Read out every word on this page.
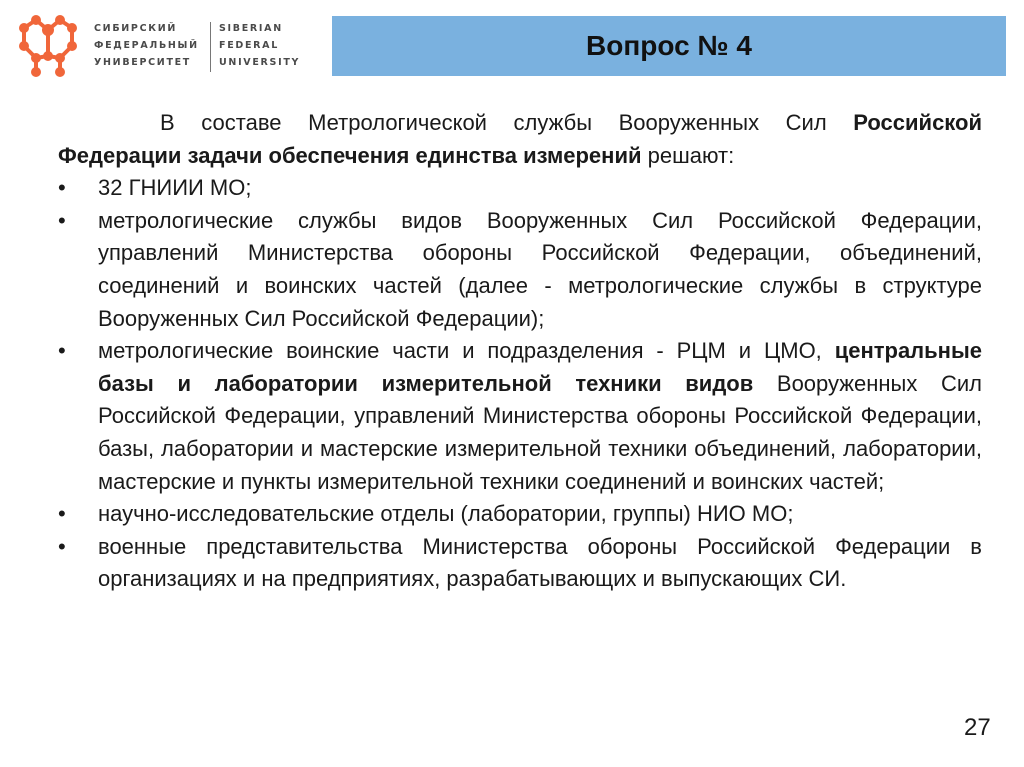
СИБИРСКИЙ
ФЕДЕРАЛЬНЫЙ
УНИВЕРСИТЕТ
SIBERIAN
FEDERAL
UNIVERSITY
Вопрос № 4
В составе Метрологической службы Вооруженных Сил Российской Федерации задачи обеспечения единства измерений решают:
• 32 ГНИИИ МО;
• метрологические службы видов Вооруженных Сил Российской Федерации, управлений Министерства обороны Российской Федерации, объединений, соединений и воинских частей (далее - метрологические службы в структуре Вооруженных Сил Российской Федерации);
• метрологические воинские части и подразделения - РЦМ и ЦМО, центральные базы и лаборатории измерительной техники видов Вооруженных Сил Российской Федерации, управлений Министерства обороны Российской Федерации, базы, лаборатории и мастерские измерительной техники объединений, лаборатории, мастерские и пункты измерительной техники соединений и воинских частей;
• научно-исследовательские отделы (лаборатории, группы) НИО МО;
• военные представительства Министерства обороны Российской Федерации в организациях и на предприятиях, разрабатывающих и выпускающих СИ.
27
